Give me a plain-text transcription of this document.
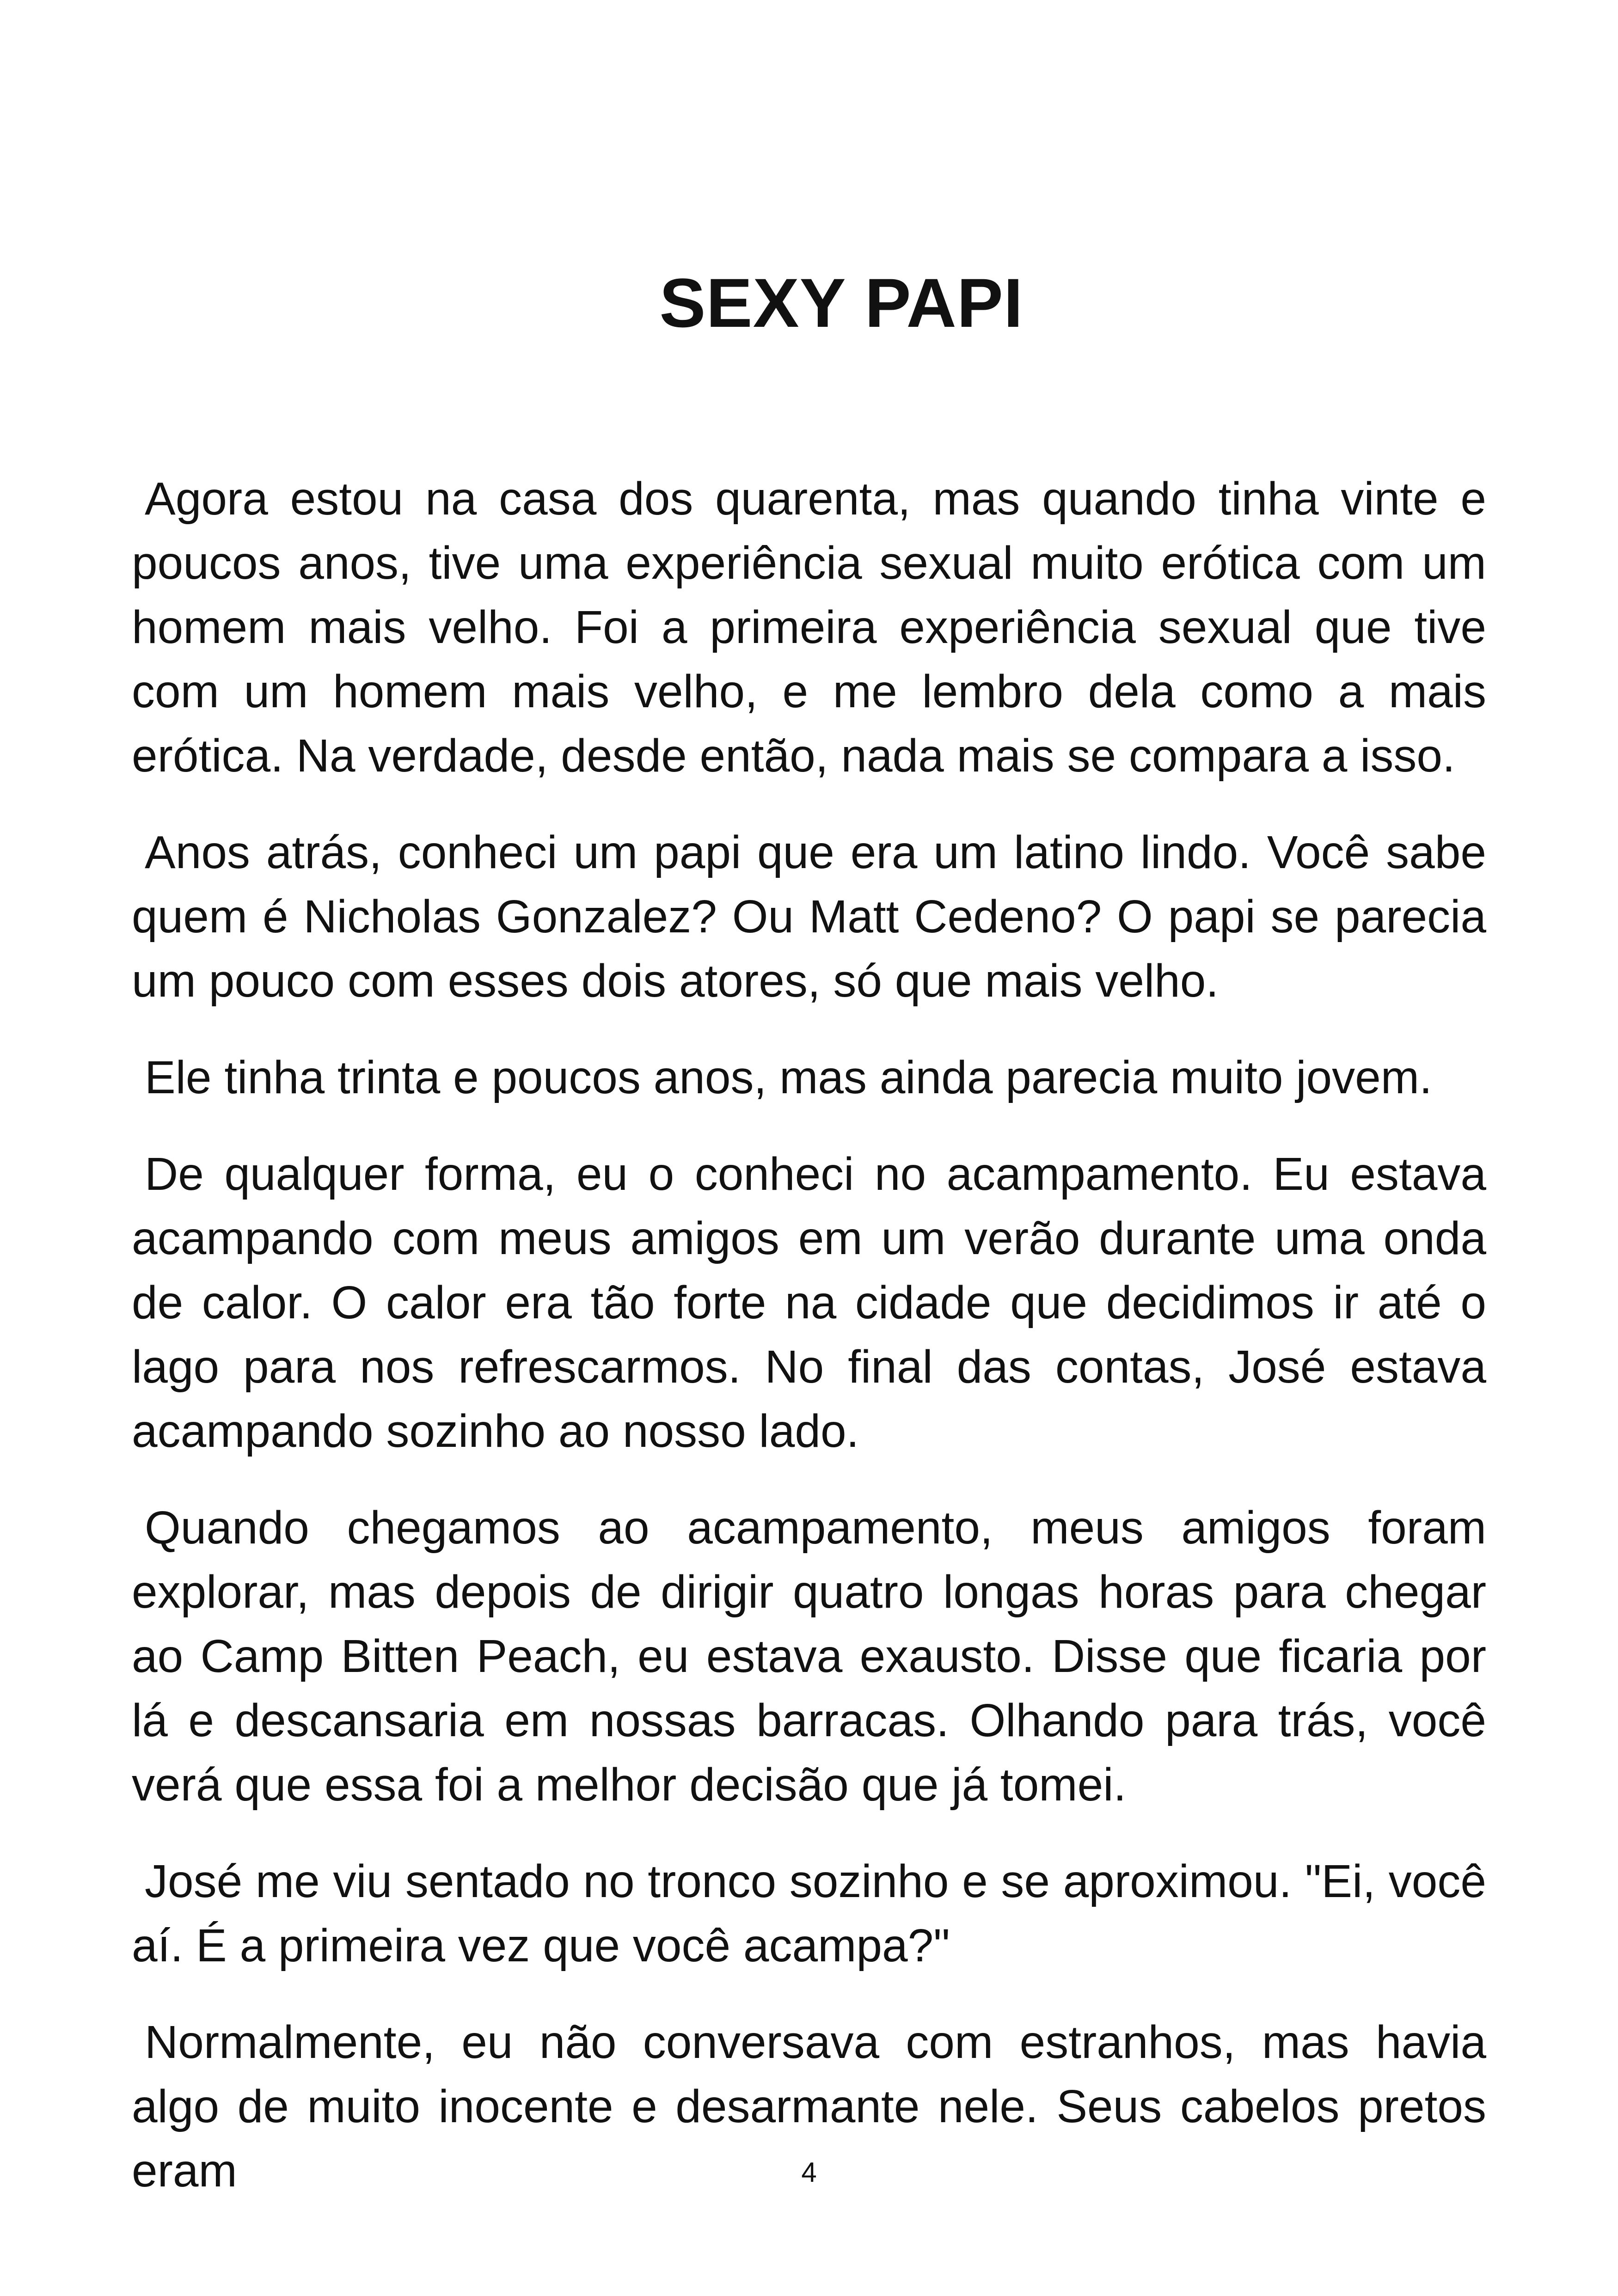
SEXY PAPI

Agora estou na casa dos quarenta, mas quando tinha vinte e poucos anos, tive uma experiência sexual muito erótica com um homem mais velho. Foi a primeira experiência sexual que tive com um homem mais velho, e me lembro dela como a mais erótica. Na verdade, desde então, nada mais se compara a isso.

Anos atrás, conheci um papi que era um latino lindo. Você sabe quem é Nicholas Gonzalez? Ou Matt Cedeno? O papi se parecia um pouco com esses dois atores, só que mais velho.

Ele tinha trinta e poucos anos, mas ainda parecia muito jovem.

De qualquer forma, eu o conheci no acampamento. Eu estava acampando com meus amigos em um verão durante uma onda de calor. O calor era tão forte na cidade que decidimos ir até o lago para nos refrescarmos. No final das contas, José estava acampando sozinho ao nosso lado.

Quando chegamos ao acampamento, meus amigos foram explorar, mas depois de dirigir quatro longas horas para chegar ao Camp Bitten Peach, eu estava exausto. Disse que ficaria por lá e descansaria em nossas barracas. Olhando para trás, você verá que essa foi a melhor decisão que já tomei.

José me viu sentado no tronco sozinho e se aproximou. "Ei, você aí. É a primeira vez que você acampa?"

Normalmente, eu não conversava com estranhos, mas havia algo de muito inocente e desarmante nele. Seus cabelos pretos eram	4
